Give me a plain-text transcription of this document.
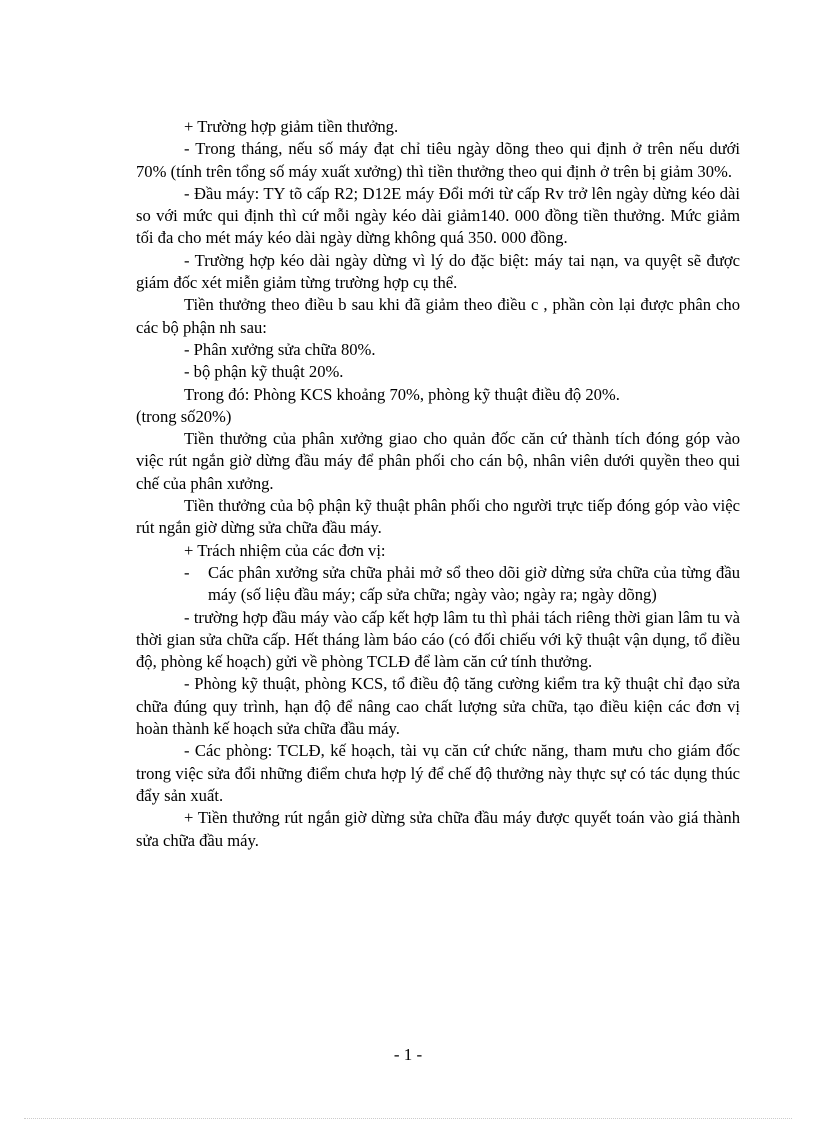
+ Trường hợp giảm tiền thưởng.

- Trong tháng, nếu số máy đạt chỉ tiêu ngày dõng theo qui định ở trên nếu dưới 70% (tính trên tổng số máy xuất xưởng) thì tiền thưởng theo qui định ở trên bị giảm 30%.

- Đầu máy: TY tõ cấp R2; D12E máy Đổi mới từ cấp Rv trở lên ngày dừng kéo dài so với mức qui định thì cứ mỗi ngày kéo dài giảm140. 000 đồng tiền thưởng. Mức giảm tối đa cho mét máy kéo dài ngày dừng không quá 350. 000 đồng.

- Trường hợp kéo dài ngày dừng vì lý do đặc biệt: máy tai nạn, va quyệt sẽ được giám đốc xét miễn giảm từng trường hợp cụ thể.

Tiền thưởng theo điều b sau khi đã giảm theo điều c , phần còn lại được phân cho các bộ phận nh sau:

- Phân xưởng sửa chữa 80%.

- bộ phận kỹ thuật 20%.

Trong đó: Phòng KCS khoảng 70%, phòng kỹ thuật điều độ 20%.

(trong số20%)

Tiền thưởng của phân xưởng giao cho quản đốc căn cứ thành tích đóng góp vào việc rút ngắn giờ dừng đầu máy để phân phối cho cán bộ, nhân viên dưới quyền theo qui chế của phân xưởng.

Tiền thưởng của bộ phận kỹ thuật phân phối cho người trực tiếp đóng góp vào việc rút ngắn giờ dừng sửa chữa đầu máy.

+ Trách nhiệm của các đơn vị:

- Các phân xưởng sửa chữa phải mở sổ theo dõi giờ dừng sửa chữa của từng đầu máy (số liệu đầu máy; cấp sửa chữa; ngày vào; ngày ra; ngày dõng)

- trường hợp đầu máy vào cấp kết hợp lâm tu thì phải tách riêng thời gian lâm tu và thời gian sửa chữa cấp. Hết tháng làm báo cáo (có đối chiếu với kỹ thuật vận dụng, tổ điều độ, phòng kế hoạch) gửi về phòng TCLĐ để làm căn cứ tính thưởng.

- Phòng kỹ thuật, phòng KCS, tổ điều độ tăng cường kiểm tra kỹ thuật chỉ đạo sửa chữa đúng quy trình, hạn độ để nâng cao chất lượng sửa chữa, tạo điều kiện các đơn vị hoàn thành kế hoạch sửa chữa đầu máy.

- Các phòng: TCLĐ, kế hoạch, tài vụ căn cứ chức năng, tham mưu cho giám đốc trong việc sửa đổi những điểm chưa hợp lý để chế độ thưởng này thực sự có tác dụng thúc đẩy sản xuất.

+ Tiền thưởng rút ngắn giờ dừng sửa chữa đầu máy được quyết toán vào giá thành sửa chữa đầu máy.

- 1 -
